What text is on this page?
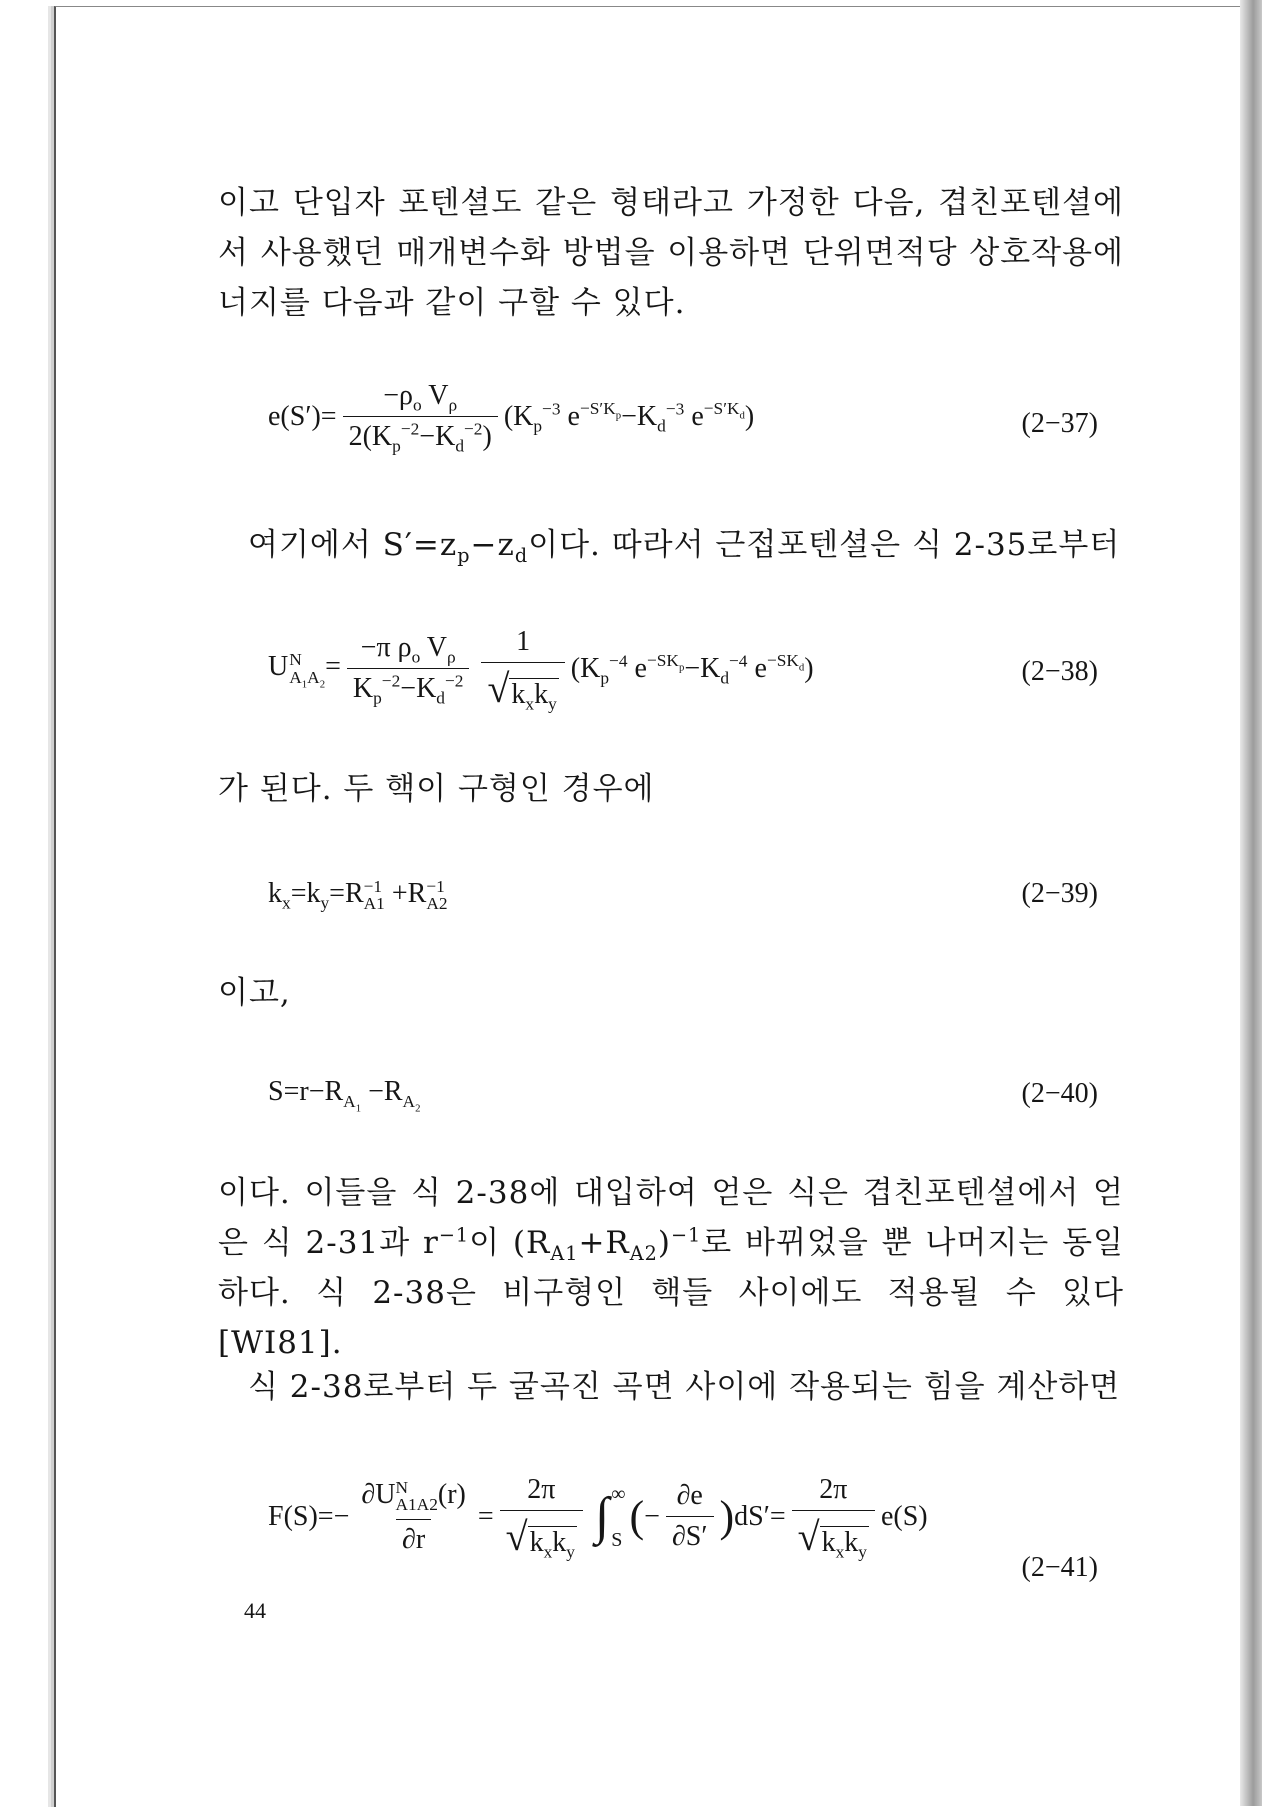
이고 단입자 포텐셜도 같은 형태라고 가정한 다음, 겹친포텐셜에서 사용했던 매개변수화 방법을 이용하면 단위면적당 상호작용에너지를 다음과 같이 구할 수 있다.

$e(S')= \frac{-\rho_o V_\rho}{2(K_p^{-2}-K_d^{-2})} (K_p^{-3}$ $e^{-S'K_p}-K_d^{-3}$ $e^{-S'K_d}$)	(2−37)

여기에서 $S'=z_p-z_d$이다. 따라서 근접포텐셜은 식 2-35로부터

U N
$A_1A_2$
= $\frac{-\pi \rho_o V_\rho}{K_p^{-2}-K_d^{-2}} \frac{1}{√ k_xk_y} (K_p^{-4}$ $e^{-SK_p}-K_d^{-4}$ $e^{-SK_d}$)	(2−38)

가 된다. 두 핵이 구형인 경우에

$k_x=k_y=R -1$
A1 +R −1
A2	(2−39)

이고,

$S=r-R_{A_1} -R_{A_2}$	(2−40)

이다. 이들을 식 2-38에 대입하여 얻은 식은 겹친포텐셜에서 얻은 식 2-31과 $r^{-1}$이 $(R_{A1}+R_{A2})^{-1}$로 바뀌었을 뿐 나머지는 동일하다. 식 2-38은 비구형인 핵들 사이에도 적용될 수 있다[WI81].

식 2-38로부터 두 굴곡진 곡면 사이에 작용되는 힘을 계산하면

F(S)=− ∂U N
A1A2 (r)
$\partial r = \frac{2\pi}{√ k_xk_y}$ ∫ ∞
S ( − $\frac{\partial e}{\partial S'}$ ) $dS'= \frac{2\pi}{√ k_xk_y} e(S)$
(2−41)
44
